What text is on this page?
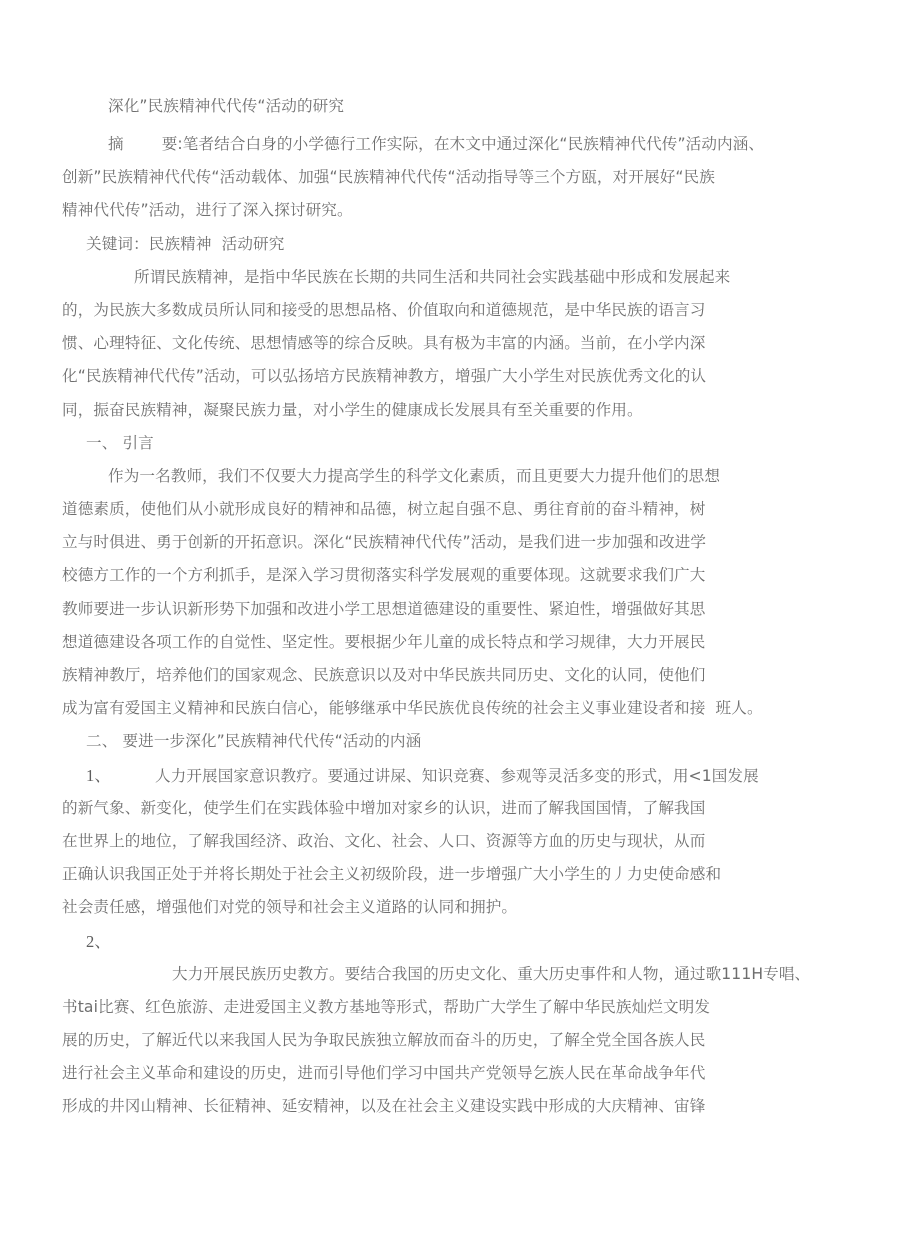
深化”民族精神代代传“活动的研究
摘 要:笔者结合白身的小学德行工作实际，在木文中通过深化“民族精神代代传”活动内涵、
创新”民族精神代代传“活动载体、加强“民族精神代代传“活动指导等三个方瓯，对开展好“民族
精神代代传”活动，进行了深入探讨研究。
关键词：民族精神  活动研究
所谓民族精神，是指中华民族在长期的共同生活和共同社会实践基础中形成和发展起来
的，为民族大多数成员所认同和接受的思想品格、价值取向和道德规范，是中华民族的语言习
惯、心理特征、文化传统、思想情感等的综合反映。具有极为丰富的内涵。当前，在小学内深
化“民族精神代代传”活动，可以弘扬培方民族精神教方，增强广大小学生对民族优秀文化的认
同，振奋民族精神，凝聚民族力量，对小学生的健康成长发展具有至关重要的作用。
一、 引言
作为一名教师，我们不仅要大力提高学生的科学文化素质，而且更要大力提升他们的思想
道德素质，使他们从小就形成良好的精神和品德，树立起自强不息、勇往育前的奋斗精神，树
立与时俱进、勇于创新的开拓意识。深化“民族精神代代传”活动，是我们进一步加强和改进学
校德方工作的一个方利抓手，是深入学习贯彻落实科学发展观的重要体现。这就要求我们广大
教师要进一步认识新形势下加强和改进小学工思想道德建设的重要性、紧迫性，增强做好其思
想道德建设各项工作的自觉性、坚定性。要根据少年儿童的成长特点和学习规律，大力开展民
族精神教厅，培养他们的国家观念、民族意识以及对中华民族共同历史、文化的认同，使他们
成为富有爱国主义精神和民族白信心，能够继承中华民族优良传统的社会主义事业建设者和接  班人。
二、 要进一步深化”民族精神代代传“活动的内涵
1、	人力开展国家意识教疗。要通过讲屎、知识竞赛、参观等灵活多变的形式，用<1国发展
的新气象、新变化，使学生们在实践体验中增加对家乡的认识，进而了解我国国情，了解我国
在世界上的地位，了解我国经济、政治、文化、社会、人口、资源等方血的历史与现状，从而
正确认识我国正处于并将长期处于社会主义初级阶段，进一步增强广大小学生的丿力史使命感和
社会责任感，增强他们对党的领导和社会主义道路的认同和拥护。
2、
大力开展民族历史教方。要结合我国的历史文化、重大历史事件和人物，通过歌111H专唱、
书tai比赛、红色旅游、走进爱国主义教方基地等形式，帮助广大学生了解中华民族灿烂文明发
展的历史，了解近代以来我国人民为争取民族独立解放而奋斗的历史，了解全党全国各族人民
进行社会主义革命和建设的历史，进而引导他们学习中国共产党领导乞族人民在革命战争年代
形成的井冈山精神、长征精神、延安精神，以及在社会主义建设实践中形成的大庆精神、宙锋
